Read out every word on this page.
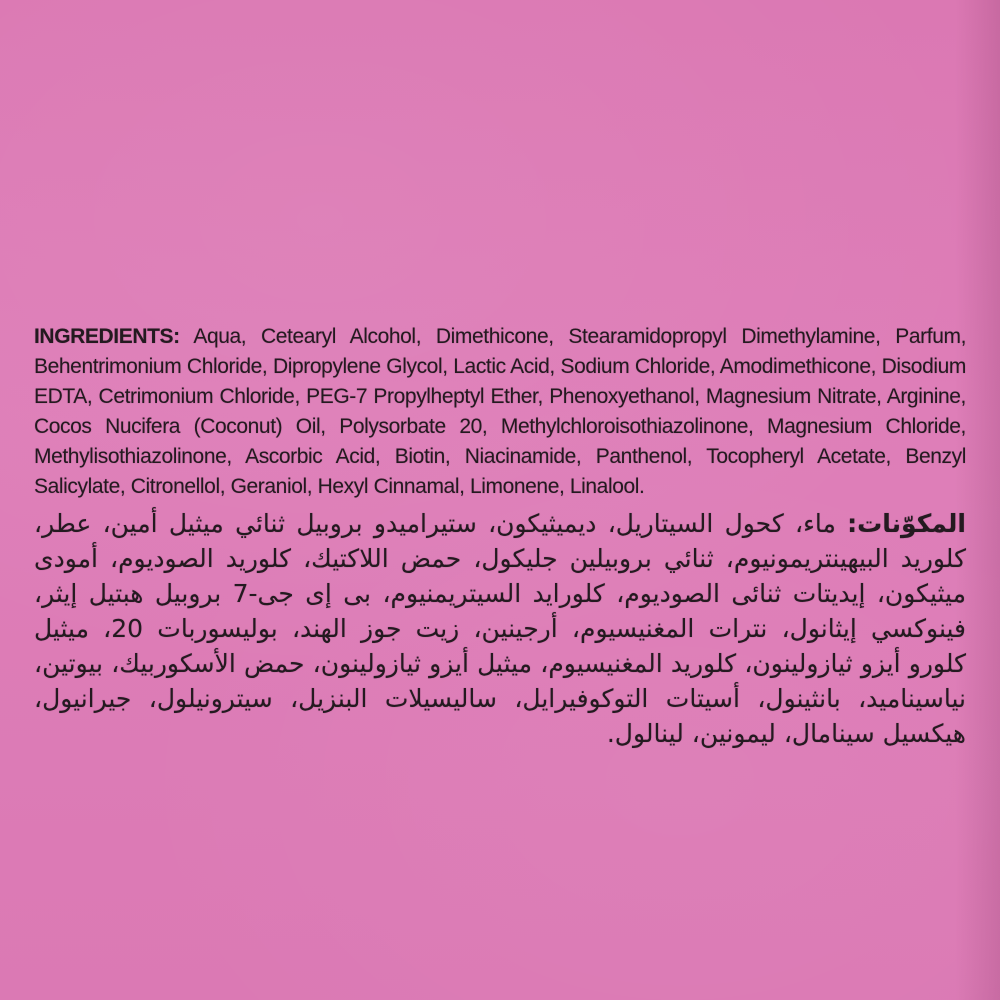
INGREDIENTS: Aqua, Cetearyl Alcohol, Dimethicone, Stearamidopropyl Dimethylamine, Parfum, Behentrimonium Chloride, Dipropylene Glycol, Lactic Acid, Sodium Chloride, Amodimethicone, Disodium EDTA, Cetrimonium Chloride, PEG-7 Propylheptyl Ether, Phenoxyethanol, Magnesium Nitrate, Arginine, Cocos Nucifera (Coconut) Oil, Polysorbate 20, Methylchloroisothiazolinone, Magnesium Chloride, Methylisothiazolinone, Ascorbic Acid, Biotin, Niacinamide, Panthenol, Tocopheryl Acetate, Benzyl Salicylate, Citronellol, Geraniol, Hexyl Cinnamal, Limonene, Linalool.

المكوّنات: ماء، كحول السيتاريل، ديميثيكون، ستيراميدو بروبيل ثنائي ميثيل أمين، عطر، كلوريد البيهينتريمونيوم، ثنائي بروبيلين جليكول، حمض اللاكتيك، كلوريد الصوديوم، أمودى ميثيكون، إيديتات ثنائى الصوديوم، كلورايد السيتريمنيوم، بى إى جى-7 بروبيل هبتيل إيثر، فينوكسي إيثانول، نترات المغنيسيوم، أرجينين، زيت جوز الهند، بوليسوربات 20، ميثيل كلورو أيزو ثيازولينون، كلوريد المغنيسيوم، ميثيل أيزو ثيازولينون، حمض الأسكوربيك، بيوتين، نياسيناميد، بانثينول، أسيتات التوكوفيرايل، ساليسيلات البنزيل، سيترونيلول، جيرانيول، هيكسيل سينامال، ليمونين، لينالول.
